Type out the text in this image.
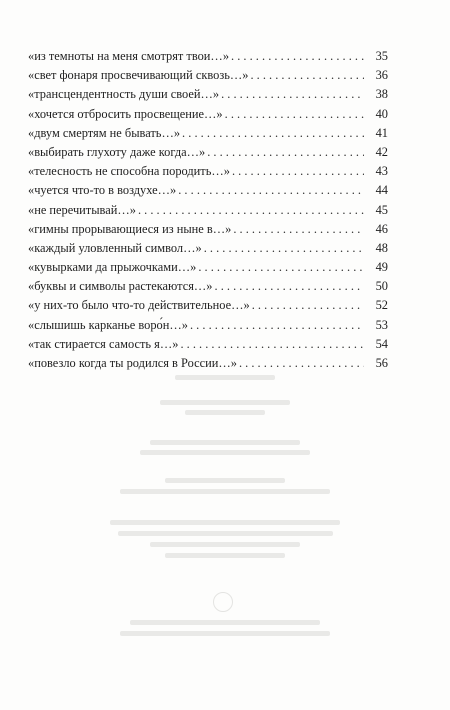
«из темноты на меня смотрят твои…» . . .	35
«свет фонаря просвечивающий сквозь…» . . .	36
«трансцендентность души своей…» . . .	38
«хочется отбросить просвещение…» . . .	40
«двум смертям не бывать…» . . .	41
«выбирать глухоту даже когда…» . . .	42
«телесность не способна породить…» . . .	43
«чуется что-то в воздухе…» . . .	44
«не перечитывай…» . . .	45
«гимны прорывающиеся из ныне в…» . . .	46
«каждый уловленный символ…» . . .	48
«кувырками да прыжочками…» . . .	49
«буквы и символы растекаются…» . . .	50
«у них-то было что-то действительное…» . . .	52
«слышишь карканье воро́н…» . . .	53
«так стирается самость я…» . . .	54
«повезло когда ты родился в России…» . . .	56
